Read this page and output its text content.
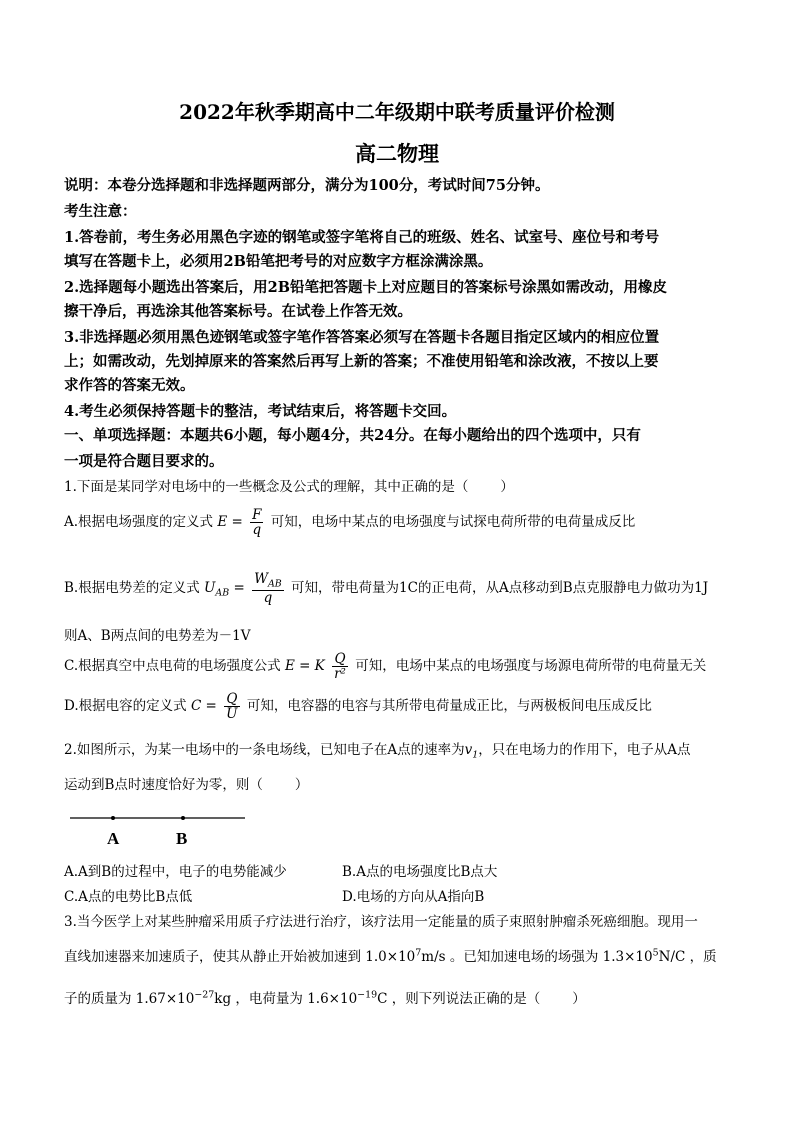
2022年秋季期高中二年级期中联考质量评价检测
高二物理
说明：本卷分选择题和非选择题两部分，满分为100分，考试时间75分钟。
考生注意：
1.答卷前，考生务必用黑色字迹的钢笔或签字笔将自己的班级、姓名、试室号、座位号和考号
填写在答题卡上，必须用2B铅笔把考号的对应数字方框涂满涂黑。
2.选择题每小题选出答案后，用2B铅笔把答题卡上对应题目的答案标号涂黑如需改动，用橡皮
擦干净后，再选涂其他答案标号。在试卷上作答无效。
3.非选择题必须用黑色迹钢笔或签字笔作答答案必须写在答题卡各题目指定区域内的相应位置
上；如需改动，先划掉原来的答案然后再写上新的答案；不准使用铅笔和涂改液，不按以上要
求作答的答案无效。
4.考生必须保持答题卡的整洁，考试结束后，将答题卡交回。
一、单项选择题：本题共6小题，每小题4分，共24分。在每小题给出的四个选项中，只有
一项是符合题目要求的。
1.下面是某同学对电场中的一些概念及公式的理解，其中正确的是（ ）
A.根据电场强度的定义式 $E = \frac{F}{q}$ 可知，电场中某点的电场强度与试探电荷所带的电荷量成反比
B.根据电势差的定义式 $U_{AB} = \frac{W_{AB}}{q}$ 可知，带电荷量为1C的正电荷，从A点移动到B点克服静电力做功为1J
则A、B两点间的电势差为－1V
C.根据真空中点电荷的电场强度公式 E = K $\frac{Q}{\text{r²}}$ 可知，电场中某点的电场强度与场源电荷所带的电荷量无关
D.根据电容的定义式 $C = \frac{Q}{U}$ 可知，电容器的电容与其所带电荷量成正比，与两极板间电压成反比
2.如图所示，为某一电场中的一条电场线，已知电子在A点的速率为$v_1$，只在电场力的作用下，电子从A点
运动到B点时速度恰好为零，则（ ）
A	B
A.A到B的过程中，电子的电势能减少	B.A点的电场强度比B点大
C.A点的电势比B点低	D.电场的方向从A指向B
3.当今医学上对某些肿瘤采用质子疗法进行治疗，该疗法用一定能量的质子束照射肿瘤杀死癌细胞。现用一
直线加速器来加速质子，使其从静止开始被加速到 $1.0\times 10^7m/s$ 。已知加速电场的场强为 $1.3\times 10^5N/C$ ，质
子的质量为 $1.67\times 10^{-27}kg$ ，电荷量为 $1.6\times 10^{-19}C$ ，则下列说法正确的是（ ）
